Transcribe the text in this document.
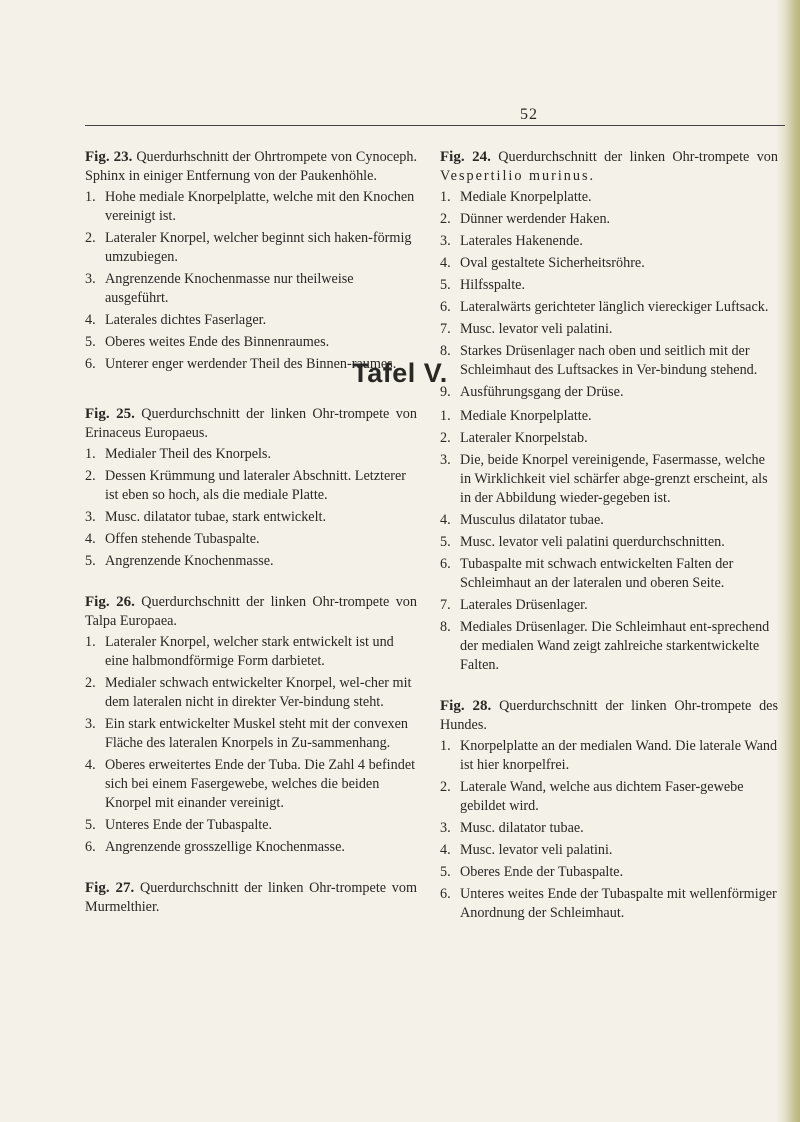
52

Fig. 23. Querdurhschnitt der Ohrtrompete von Cynoceph. Sphinx in einiger Entfernung von der Paukenhöhle.

1. Hohe mediale Knorpelplatte, welche mit den Knochen vereinigt ist.
2. Lateraler Knorpel, welcher beginnt sich haken-förmig umzubiegen.
3. Angrenzende Knochenmasse nur theilweise ausgeführt.
4. Laterales dichtes Faserlager.
5. Oberes weites Ende des Binnenraumes.
6. Unterer enger werdender Theil des Binnen-raumes.

Fig. 24. Querdurchschnitt der linken Ohr-trompete von Vespertilio murinus.

1. Mediale Knorpelplatte.
2. Dünner werdender Haken.
3. Laterales Hakenende.
4. Oval gestaltete Sicherheitsröhre.
5. Hilfsspalte.
6. Lateralwärts gerichteter länglich viereckiger Luftsack.
7. Musc. levator veli palatini.
8. Starkes Drüsenlager nach oben und seitlich mit der Schleimhaut des Luftsackes in Ver-bindung stehend.
9. Ausführungsgang der Drüse.
Tafel V.

Fig. 25. Querdurchschnitt der linken Ohr-trompete von Erinaceus Europaeus.

1. Medialer Theil des Knorpels.
2. Dessen Krümmung und lateraler Abschnitt. Letzterer ist eben so hoch, als die mediale Platte.
3. Musc. dilatator tubae, stark entwickelt.
4. Offen stehende Tubaspalte.
5. Angrenzende Knochenmasse.

Fig. 26. Querdurchschnitt der linken Ohr-trompete von Talpa Europaea.

1. Lateraler Knorpel, welcher stark entwickelt ist und eine halbmondförmige Form darbietet.
2. Medialer schwach entwickelter Knorpel, wel-cher mit dem lateralen nicht in direkter Ver-bindung steht.
3. Ein stark entwickelter Muskel steht mit der convexen Fläche des lateralen Knorpels in Zu-sammenhang.
4. Oberes erweitertes Ende der Tuba. Die Zahl 4 befindet sich bei einem Fasergewebe, welches die beiden Knorpel mit einander vereinigt.
5. Unteres Ende der Tubaspalte.
6. Angrenzende grosszellige Knochenmasse.

Fig. 27. Querdurchschnitt der linken Ohr-trompete vom Murmelthier.

1. Mediale Knorpelplatte.
2. Lateraler Knorpelstab.
3. Die, beide Knorpel vereinigende, Fasermasse, welche in Wirklichkeit viel schärfer abge-grenzt erscheint, als in der Abbildung wieder-gegeben ist.
4. Musculus dilatator tubae.
5. Musc. levator veli palatini querdurchschnitten.
6. Tubaspalte mit schwach entwickelten Falten der Schleimhaut an der lateralen und oberen Seite.
7. Laterales Drüsenlager.
8. Mediales Drüsenlager. Die Schleimhaut ent-sprechend der medialen Wand zeigt zahlreiche starkentwickelte Falten.

Fig. 28. Querdurchschnitt der linken Ohr-trompete des Hundes.

1. Knorpelplatte an der medialen Wand. Die laterale Wand ist hier knorpelfrei.
2. Laterale Wand, welche aus dichtem Faser-gewebe gebildet wird.
3. Musc. dilatator tubae.
4. Musc. levator veli palatini.
5. Oberes Ende der Tubaspalte.
6. Unteres weites Ende der Tubaspalte mit wellenförmiger Anordnung der Schleimhaut.
